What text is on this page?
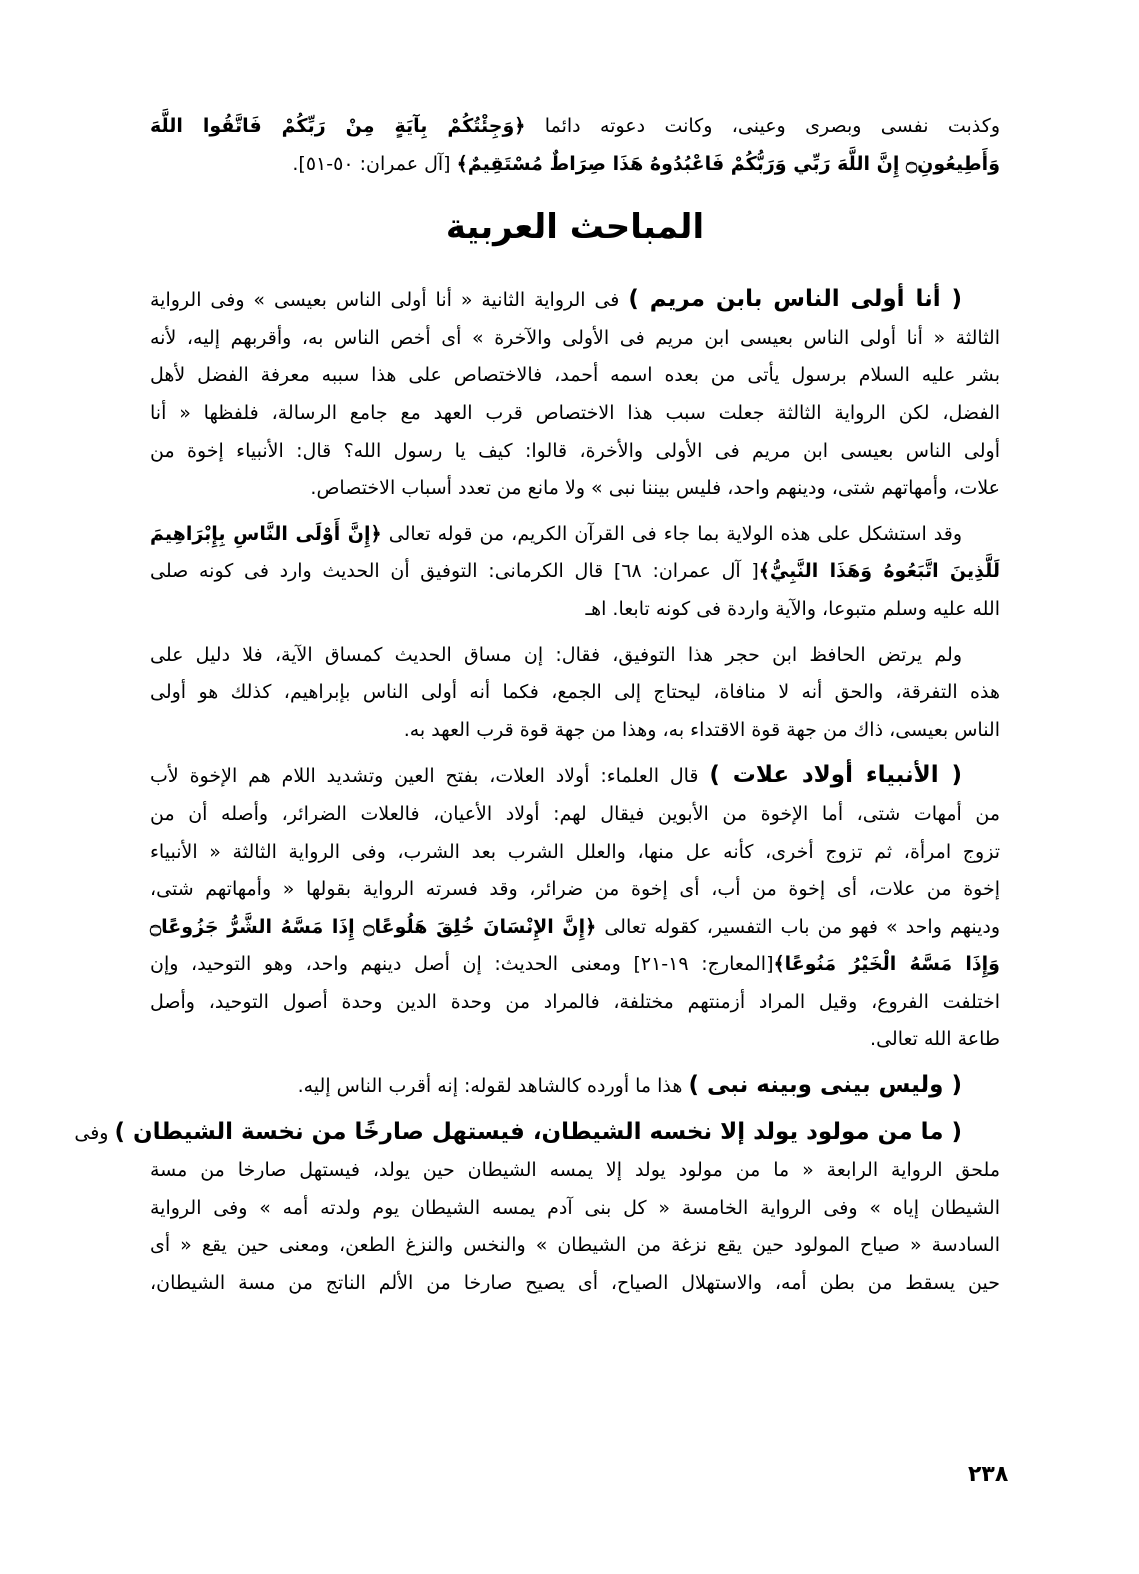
وكذبت نفسى وبصرى وعينى، وكانت دعوته دائما ﴿وَجِئْتُكُمْ بِآيَةٍ مِنْ رَبِّكُمْ فَاتَّقُوا اللَّهَ
وَأَطِيعُونِ۝ إِنَّ اللَّهَ رَبِّي وَرَبُّكُمْ فَاعْبُدُوهُ هَذَا صِرَاطٌ مُسْتَقِيمٌ﴾ [آل عمران: ٥٠-٥١].
المباحث العربية
( أنا أولى الناس بابن مريم ) فى الرواية الثانية « أنا أولى الناس بعيسى » وفى الرواية
الثالثة « أنا أولى الناس بعيسى ابن مريم فى الأولى والآخرة » أى أخص الناس به، وأقربهم إليه، لأنه
بشر عليه السلام برسول يأتى من بعده اسمه أحمد، فالاختصاص على هذا سببه معرفة الفضل لأهل
الفضل، لكن الرواية الثالثة جعلت سبب هذا الاختصاص قرب العهد مع جامع الرسالة، فلفظها « أنا
أولى الناس بعيسى ابن مريم فى الأولى والأخرة، قالوا: كيف يا رسول الله؟ قال: الأنبياء إخوة من
علات، وأمهاتهم شتى، ودينهم واحد، فليس بيننا نبى » ولا مانع من تعدد أسباب الاختصاص.
وقد استشكل على هذه الولاية بما جاء فى القرآن الكريم، من قوله تعالى ﴿إِنَّ أَوْلَى النَّاسِ بِإِبْرَاهِيمَ
لَلَّذِينَ اتَّبَعُوهُ وَهَذَا النَّبِيُّ﴾[ آل عمران: ٦٨] قال الكرمانى: التوفيق أن الحديث وارد فى كونه صلى
الله عليه وسلم متبوعا، والآية واردة فى كونه تابعا. اهـ
ولم يرتض الحافظ ابن حجر هذا التوفيق، فقال: إن مساق الحديث كمساق الآية، فلا دليل على
هذه التفرقة، والحق أنه لا منافاة، ليحتاج إلى الجمع، فكما أنه أولى الناس بإبراهيم، كذلك هو أولى
الناس بعيسى، ذاك من جهة قوة الاقتداء به، وهذا من جهة قوة قرب العهد به.
( الأنبياء أولاد علات ) قال العلماء: أولاد العلات، بفتح العين وتشديد اللام هم الإخوة لأب
من أمهات شتى، أما الإخوة من الأبوين فيقال لهم: أولاد الأعيان، فالعلات الضرائر، وأصله أن من
تزوج امرأة، ثم تزوج أخرى، كأنه عل منها، والعلل الشرب بعد الشرب، وفى الرواية الثالثة « الأنبياء
إخوة من علات، أى إخوة من أب، أى إخوة من ضرائر، وقد فسرته الرواية بقولها « وأمهاتهم شتى،
ودينهم واحد » فهو من باب التفسير، كقوله تعالى ﴿إِنَّ الإِنْسَانَ خُلِقَ هَلُوعًا۝ إِذَا مَسَّهُ الشَّرُّ جَزُوعًا۝
وَإِذَا مَسَّهُ الْخَيْرُ مَنُوعًا﴾[المعارج: ١٩-٢١] ومعنى الحديث: إن أصل دينهم واحد، وهو التوحيد، وإن
اختلفت الفروع، وقيل المراد أزمنتهم مختلفة، فالمراد من وحدة الدين وحدة أصول التوحيد، وأصل
طاعة الله تعالى.
( وليس بينى وبينه نبى ) هذا ما أورده كالشاهد لقوله: إنه أقرب الناس إليه.
( ما من مولود يولد إلا نخسه الشيطان، فيستهل صارخًا من نخسة الشيطان ) وفى
ملحق الرواية الرابعة « ما من مولود يولد إلا يمسه الشيطان حين يولد، فيستهل صارخا من مسة
الشيطان إياه » وفى الرواية الخامسة « كل بنى آدم يمسه الشيطان يوم ولدته أمه » وفى الرواية
السادسة « صياح المولود حين يقع نزغة من الشيطان » والنخس والنزغ الطعن، ومعنى حين يقع « أى
حين يسقط من بطن أمه، والاستهلال الصياح، أى يصيح صارخا من الألم الناتج من مسة الشيطان،
٢٣٨
